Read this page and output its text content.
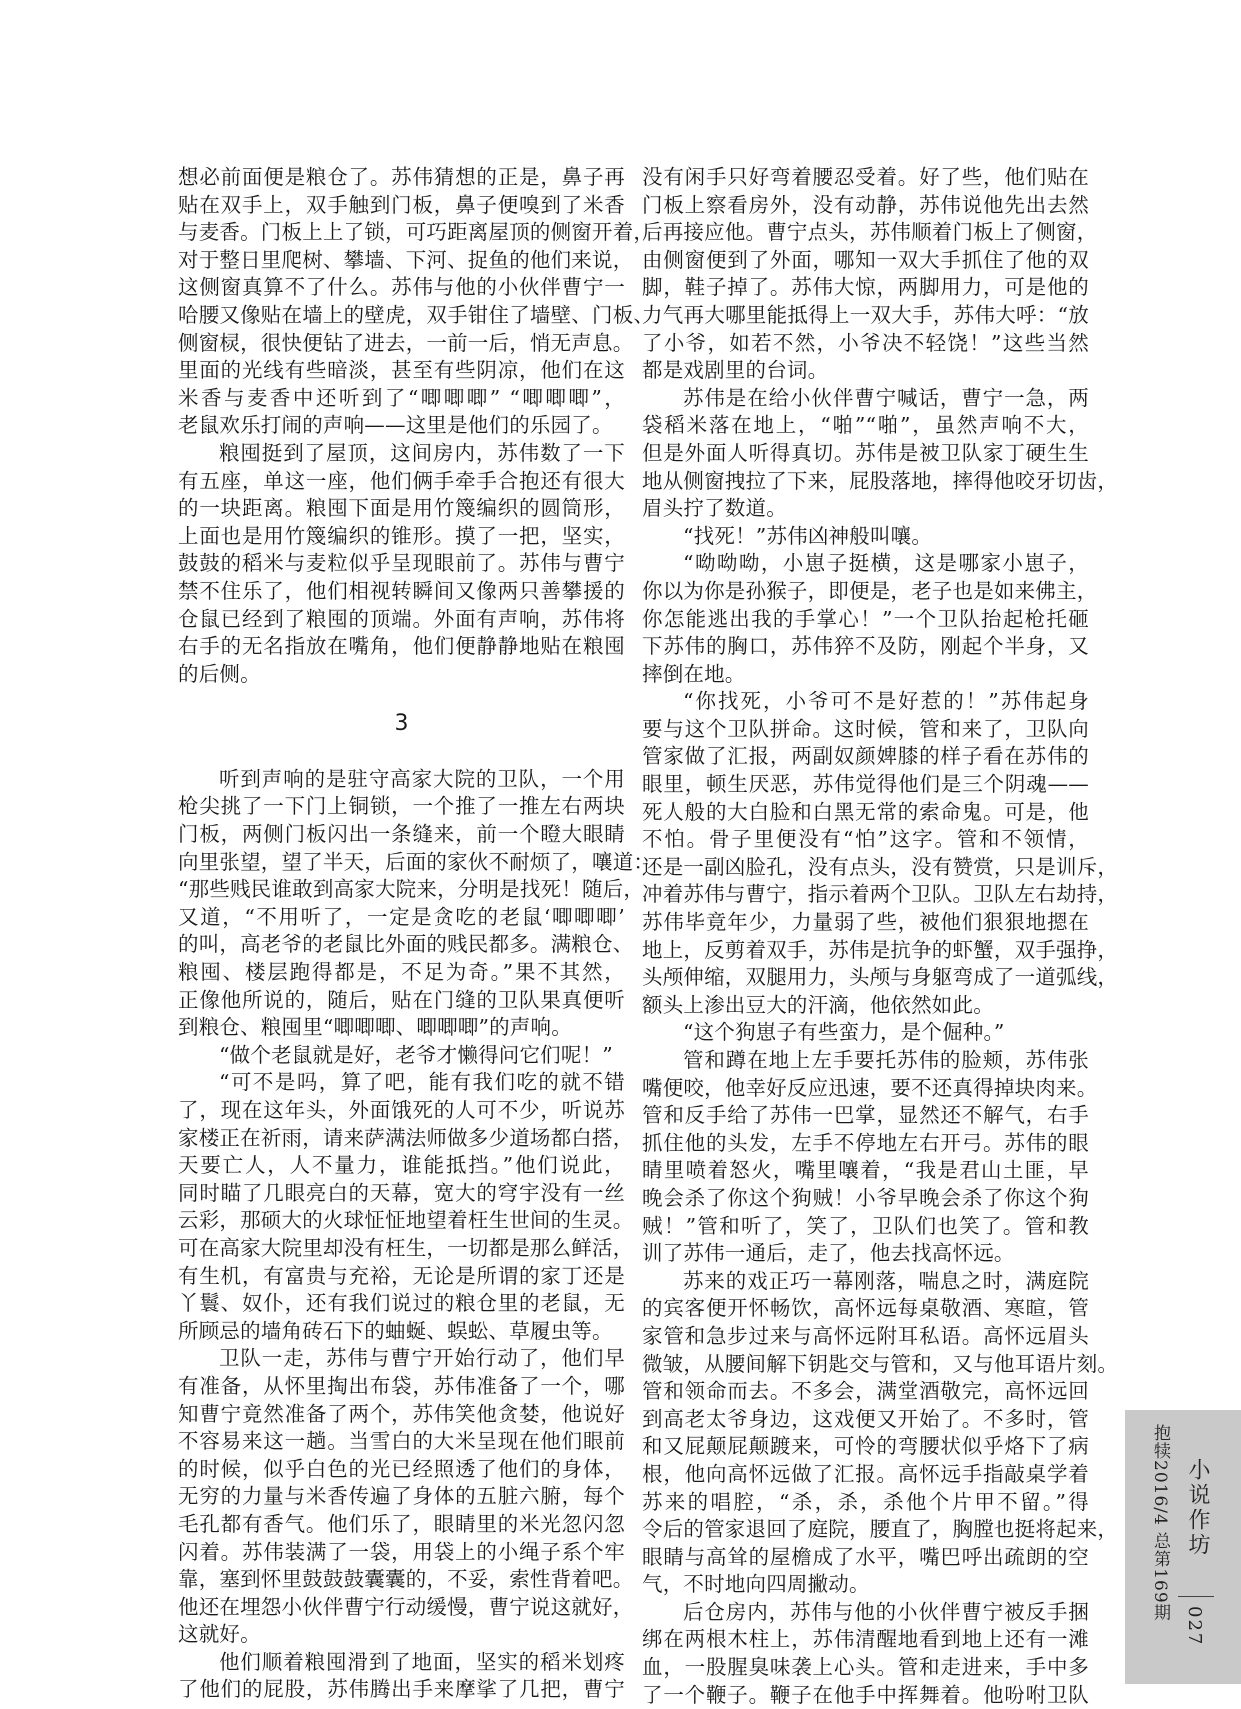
想必前面便是粮仓了。苏伟猜想的正是，鼻子再
贴在双手上，双手触到门板，鼻子便嗅到了米香
与麦香。门板上上了锁，可巧距离屋顶的侧窗开着，
对于整日里爬树、攀墙、下河、捉鱼的他们来说，
这侧窗真算不了什么。苏伟与他的小伙伴曹宁一
哈腰又像贴在墙上的壁虎，双手钳住了墙壁、门板、
侧窗棂，很快便钻了进去，一前一后，悄无声息。
里面的光线有些暗淡，甚至有些阴凉，他们在这
米香与麦香中还听到了“唧唧唧” “唧唧唧”，
老鼠欢乐打闹的声响——这里是他们的乐园了。
粮囤挺到了屋顶，这间房内，苏伟数了一下
有五座，单这一座，他们俩手牵手合抱还有很大
的一块距离。粮囤下面是用竹篾编织的圆筒形，
上面也是用竹篾编织的锥形。摸了一把，坚实，
鼓鼓的稻米与麦粒似乎呈现眼前了。苏伟与曹宁
禁不住乐了，他们相视转瞬间又像两只善攀援的
仓鼠已经到了粮囤的顶端。外面有声响，苏伟将
右手的无名指放在嘴角，他们便静静地贴在粮囤
的后侧。
3
听到声响的是驻守高家大院的卫队，一个用
枪尖挑了一下门上铜锁，一个推了一推左右两块
门板，两侧门板闪出一条缝来，前一个瞪大眼睛
向里张望，望了半天，后面的家伙不耐烦了，嚷道：
“那些贱民谁敢到高家大院来，分明是找死！随后，
又道，“不用听了，一定是贪吃的老鼠‘唧唧唧’
的叫，高老爷的老鼠比外面的贱民都多。满粮仓、
粮囤、楼层跑得都是，不足为奇。”果不其然，
正像他所说的，随后，贴在门缝的卫队果真便听
到粮仓、粮囤里“唧唧唧、唧唧唧”的声响。
“做个老鼠就是好，老爷才懒得问它们呢！”
“可不是吗，算了吧，能有我们吃的就不错
了，现在这年头，外面饿死的人可不少，听说苏
家楼正在祈雨，请来萨满法师做多少道场都白搭，
天要亡人，人不量力，谁能抵挡。”他们说此，
同时瞄了几眼亮白的天幕，宽大的穹宇没有一丝
云彩，那硕大的火球怔怔地望着枉生世间的生灵。
可在高家大院里却没有枉生，一切都是那么鲜活，
有生机，有富贵与充裕，无论是所谓的家丁还是
丫鬟、奴仆，还有我们说过的粮仓里的老鼠，无
所顾忌的墙角砖石下的蚰蜒、蜈蚣、草履虫等。
卫队一走，苏伟与曹宁开始行动了，他们早
有准备，从怀里掏出布袋，苏伟准备了一个，哪
知曹宁竟然准备了两个，苏伟笑他贪婪，他说好
不容易来这一趟。当雪白的大米呈现在他们眼前
的时候，似乎白色的光已经照透了他们的身体，
无穷的力量与米香传遍了身体的五脏六腑，每个
毛孔都有香气。他们乐了，眼睛里的米光忽闪忽
闪着。苏伟装满了一袋，用袋上的小绳子系个牢
靠，塞到怀里鼓鼓鼓囊囊的，不妥，索性背着吧。
他还在埋怨小伙伴曹宁行动缓慢，曹宁说这就好，
这就好。
他们顺着粮囤滑到了地面，坚实的稻米划疼
了他们的屁股，苏伟腾出手来摩挲了几把，曹宁
没有闲手只好弯着腰忍受着。好了些，他们贴在
门板上察看房外，没有动静，苏伟说他先出去然
后再接应他。曹宁点头，苏伟顺着门板上了侧窗，
由侧窗便到了外面，哪知一双大手抓住了他的双
脚，鞋子掉了。苏伟大惊，两脚用力，可是他的
力气再大哪里能抵得上一双大手，苏伟大呼：“放
了小爷，如若不然，小爷决不轻饶！”这些当然
都是戏剧里的台词。
苏伟是在给小伙伴曹宁喊话，曹宁一急，两
袋稻米落在地上，“啪”“啪”，虽然声响不大，
但是外面人听得真切。苏伟是被卫队家丁硬生生
地从侧窗拽拉了下来，屁股落地，摔得他咬牙切齿，
眉头拧了数道。
“找死！”苏伟凶神般叫嚷。
“呦呦呦，小崽子挺横，这是哪家小崽子，
你以为你是孙猴子，即便是，老子也是如来佛主，
你怎能逃出我的手掌心！”一个卫队抬起枪托砸
下苏伟的胸口，苏伟猝不及防，刚起个半身，又
摔倒在地。
“你找死，小爷可不是好惹的！”苏伟起身
要与这个卫队拼命。这时候，管和来了，卫队向
管家做了汇报，两副奴颜婢膝的样子看在苏伟的
眼里，顿生厌恶，苏伟觉得他们是三个阴魂——
死人般的大白脸和白黑无常的索命鬼。可是，他
不怕。骨子里便没有“怕”这字。管和不领情，
还是一副凶脸孔，没有点头，没有赞赏，只是训斥，
冲着苏伟与曹宁，指示着两个卫队。卫队左右劫持，
苏伟毕竟年少，力量弱了些，被他们狠狠地摁在
地上，反剪着双手，苏伟是抗争的虾蟹，双手强挣，
头颅伸缩，双腿用力，头颅与身躯弯成了一道弧线，
额头上渗出豆大的汗滴，他依然如此。
“这个狗崽子有些蛮力，是个倔种。”
管和蹲在地上左手要托苏伟的脸颊，苏伟张
嘴便咬，他幸好反应迅速，要不还真得掉块肉来。
管和反手给了苏伟一巴掌，显然还不解气，右手
抓住他的头发，左手不停地左右开弓。苏伟的眼
睛里喷着怒火，嘴里嚷着，“我是君山土匪，早
晚会杀了你这个狗贼！小爷早晚会杀了你这个狗
贼！”管和听了，笑了，卫队们也笑了。管和教
训了苏伟一通后，走了，他去找高怀远。
苏来的戏正巧一幕刚落，喘息之时，满庭院
的宾客便开怀畅饮，高怀远每桌敬酒、寒暄，管
家管和急步过来与高怀远附耳私语。高怀远眉头
微皱，从腰间解下钥匙交与管和，又与他耳语片刻。
管和领命而去。不多会，满堂酒敬完，高怀远回
到高老太爷身边，这戏便又开始了。不多时，管
和又屁颠屁颠踱来，可怜的弯腰状似乎烙下了病
根，他向高怀远做了汇报。高怀远手指敲桌学着
苏来的唱腔，“杀，杀，杀他个片甲不留。”得
令后的管家退回了庭院，腰直了，胸膛也挺将起来，
眼睛与高耸的屋檐成了水平，嘴巴呼出疏朗的空
气，不时地向四周撇动。
后仓房内，苏伟与他的小伙伴曹宁被反手捆
绑在两根木柱上，苏伟清醒地看到地上还有一滩
血，一股腥臭味袭上心头。管和走进来，手中多
了一个鞭子。鞭子在他手中挥舞着。他吩咐卫队
抱犊2016/4 总第169期 小说作坊
027
